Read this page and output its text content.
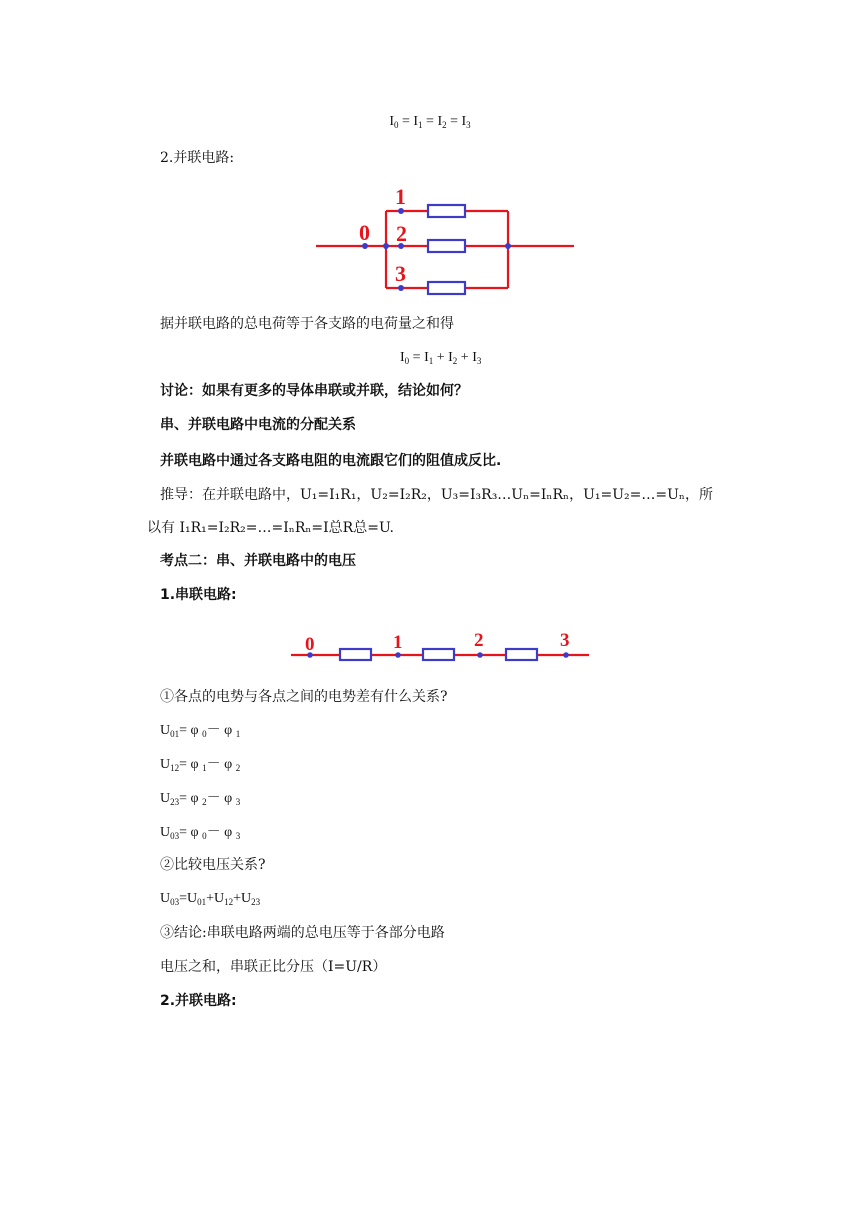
$I_0 = I_1 = I_2 = I_3$
2.并联电路:
0
1
2
3
据并联电路的总电荷等于各支路的电荷量之和得
$I_0 = I_1 + I_2 + I_3$
讨论：如果有更多的导体串联或并联，结论如何？
串、并联电路中电流的分配关系
并联电路中通过各支路电阻的电流跟它们的阻值成反比.
推导：在并联电路中，U₁=I₁R₁，U₂=I₂R₂，U₃=I₃R₃…Uₙ=IₙRₙ，U₁=U₂=…=Uₙ，所
以有 I₁R₁=I₂R₂=…=IₙRₙ=I总R总=U.
考点二：串、并联电路中的电压
1.串联电路:
0	1	2	3
①各点的电势与各点之间的电势差有什么关系?
$U_{01}= \varphi$ $_0$－ φ $_1$
$U_{12}= \varphi$ $_1$－ φ $_2$
$U_{23}= \varphi$ $_2$－ φ $_3$
$U_{03}= \varphi$ $_0$－ φ $_3$
②比较电压关系?
$U_{03}=U_{01}+U_{12}+U_{23}$
③结论:串联电路两端的总电压等于各部分电路
电压之和，串联正比分压（I=U/R）
2.并联电路:
